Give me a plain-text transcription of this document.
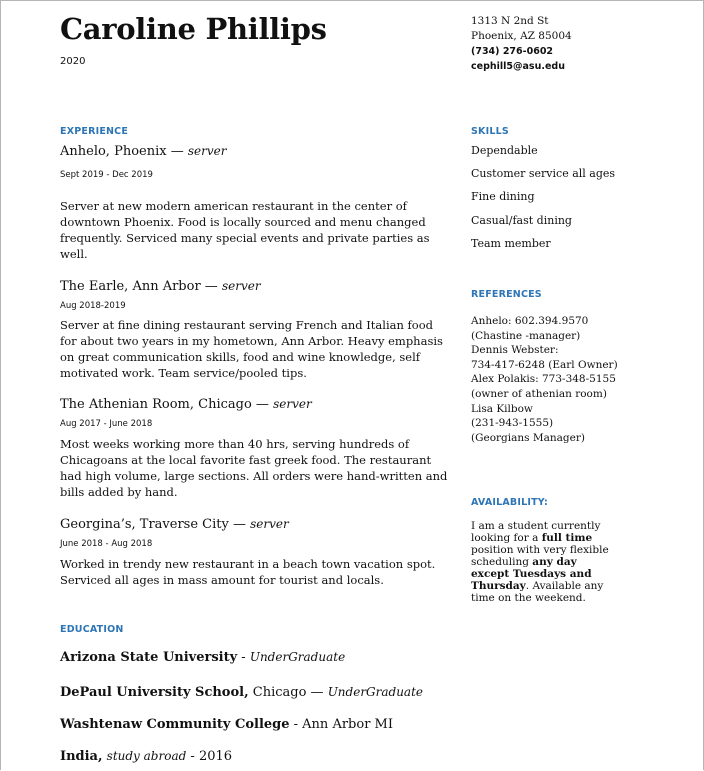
Caroline Phillips
2020
1313 N 2nd St
Phoenix, AZ 85004
(734) 276-0602
cephill5@asu.edu
EXPERIENCE
Anhelo, Phoenix — server
Sept 2019 - Dec 2019
Server at new modern american restaurant in the center of downtown Phoenix. Food is locally sourced and menu changed frequently. Serviced many special events and private parties as well.
The Earle, Ann Arbor — server
Aug 2018-2019
Server at fine dining restaurant serving French and Italian food for about two years in my hometown, Ann Arbor. Heavy emphasis on great communication skills, food and wine knowledge, self motivated work. Team service/pooled tips.
The Athenian Room, Chicago — server
Aug 2017 - June 2018
Most weeks working more than 40 hrs, serving hundreds of Chicagoans at the local favorite fast greek food. The restaurant had high volume, large sections. All orders were hand-written and bills added by hand.
Georgina’s, Traverse City — server
June 2018 - Aug 2018
Worked in trendy new restaurant in a beach town vacation spot. Serviced all ages in mass amount for tourist and locals.
EDUCATION
Arizona State University - UnderGraduate
DePaul University School, Chicago — UnderGraduate
Washtenaw Community College - Ann Arbor MI
India, study abroad - 2016
SKILLS
Dependable
Customer service all ages
Fine dining
Casual/fast dining
Team member
REFERENCES
Anhelo: 602.394.9570
(Chastine -manager)
Dennis Webster:
734-417-6248 (Earl Owner)
Alex Polakis: 773-348-5155
(owner of athenian room)
Lisa Kilbow
(231-943-1555)
(Georgians Manager)
AVAILABILITY:
I am a student currently looking for a full time position with very flexible scheduling any day except Tuesdays and Thursday. Available any time on the weekend.
